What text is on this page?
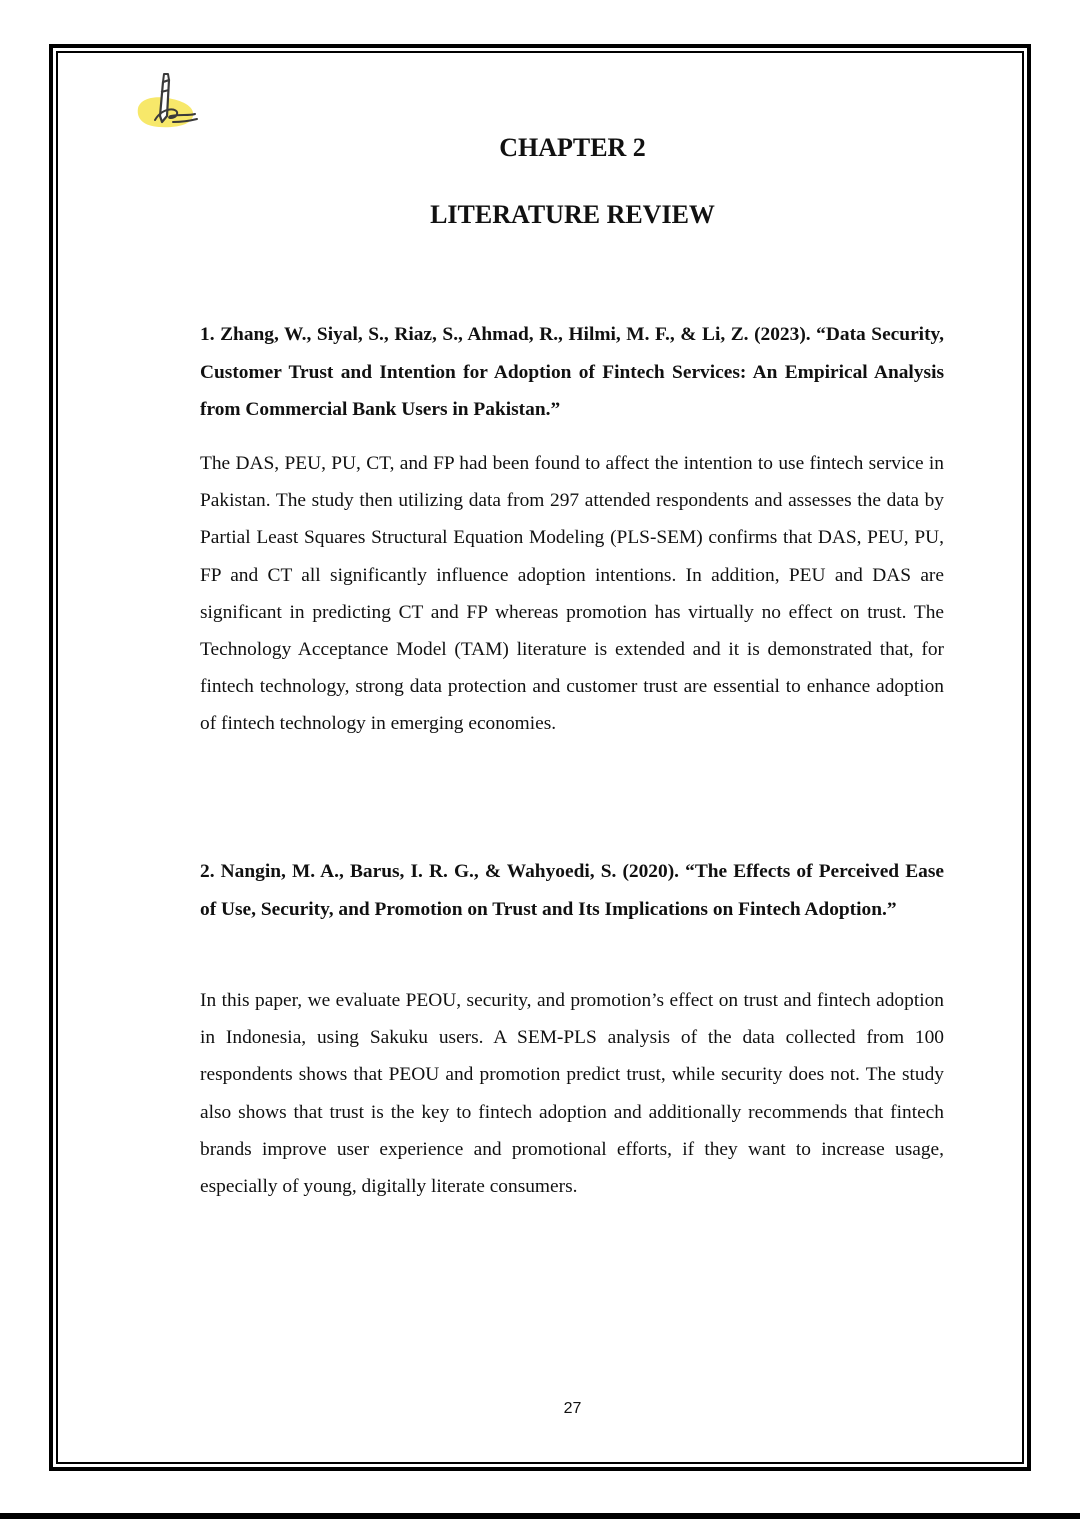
CHAPTER 2
LITERATURE REVIEW

1. Zhang, W., Siyal, S., Riaz, S., Ahmad, R., Hilmi, M. F., & Li, Z. (2023). “Data Security, Customer Trust and Intention for Adoption of Fintech Services: An Empirical Analysis from Commercial Bank Users in Pakistan.”

The DAS, PEU, PU, CT, and FP had been found to affect the intention to use fintech service in Pakistan. The study then utilizing data from 297 attended respondents and assesses the data by Partial Least Squares Structural Equation Modeling (PLS-SEM) confirms that DAS, PEU, PU, FP and CT all significantly influence adoption intentions. In addition, PEU and DAS are significant in predicting CT and FP whereas promotion has virtually no effect on trust. The Technology Acceptance Model (TAM) literature is extended and it is demonstrated that, for fintech technology, strong data protection and customer trust are essential to enhance adoption of fintech technology in emerging economies.

2. Nangin, M. A., Barus, I. R. G., & Wahyoedi, S. (2020). “The Effects of Perceived Ease of Use, Security, and Promotion on Trust and Its Implications on Fintech Adoption.”

In this paper, we evaluate PEOU, security, and promotion’s effect on trust and fintech adoption in Indonesia, using Sakuku users. A SEM-PLS analysis of the data collected from 100 respondents shows that PEOU and promotion predict trust, while security does not. The study also shows that trust is the key to fintech adoption and additionally recommends that fintech brands improve user experience and promotional efforts, if they want to increase usage, especially of young, digitally literate consumers.

27
